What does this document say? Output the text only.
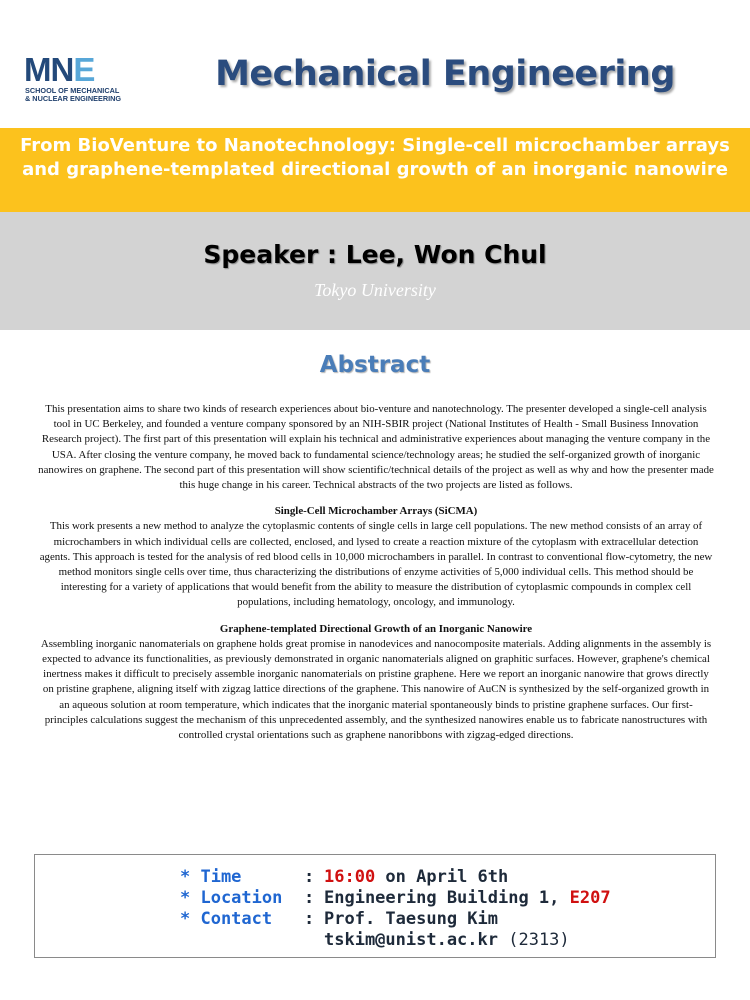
MNE
SCHOOL OF MECHANICAL
& NUCLEAR ENGINEERING
Mechanical Engineering
From BioVenture to Nanotechnology: Single-cell microchamber arrays and graphene-templated directional growth of an inorganic nanowire
Speaker : Lee, Won Chul
Tokyo University
Abstract

This presentation aims to share two kinds of research experiences about bio-venture and nanotechnology. The presenter developed a single-cell analysis tool in UC Berkeley, and founded a venture company sponsored by an NIH-SBIR project (National Institutes of Health - Small Business Innovation Research project). The first part of this presentation will explain his technical and administrative experiences about managing the venture company in the USA. After closing the venture company, he moved back to fundamental science/technology areas; he studied the self-organized growth of inorganic nanowires on graphene. The second part of this presentation will show scientific/technical details of the project as well as why and how the presenter made this huge change in his career. Technical abstracts of the two projects are listed as follows.

Single-Cell Microchamber Arrays (SiCMA)

This work presents a new method to analyze the cytoplasmic contents of single cells in large cell populations. The new method consists of an array of microchambers in which individual cells are collected, enclosed, and lysed to create a reaction mixture of the cytoplasm with extracellular detection agents. This approach is tested for the analysis of red blood cells in 10,000 microchambers in parallel. In contrast to conventional flow-cytometry, the new method monitors single cells over time, thus characterizing the distributions of enzyme activities of 5,000 individual cells. This method should be interesting for a variety of applications that would benefit from the ability to measure the distribution of cytoplasmic compounds in complex cell populations, including hematology, oncology, and immunology.

Graphene-templated Directional Growth of an Inorganic Nanowire

Assembling inorganic nanomaterials on graphene holds great promise in nanodevices and nanocomposite materials. Adding alignments in the assembly is expected to advance its functionalities, as previously demonstrated in organic nanomaterials aligned on graphitic surfaces. However, graphene's chemical inertness makes it difficult to precisely assemble inorganic nanomaterials on pristine graphene. Here we report an inorganic nanowire that grows directly on pristine graphene, aligning itself with zigzag lattice directions of the graphene. This nanowire of AuCN is synthesized by the self-organized growth in an aqueous solution at room temperature, which indicates that the inorganic material spontaneously binds to pristine graphene surfaces. Our first-principles calculations suggest the mechanism of this unprecedented assembly, and the synthesized nanowires enable us to fabricate nanostructures with controlled crystal orientations such as graphene nanoribbons with zigzag-edged directions.

* Time	: 16:00 on April 6th
* Location : Engineering Building 1, E207
* Contact : Prof. Taesung Kim
tskim@unist.ac.kr (2313)
